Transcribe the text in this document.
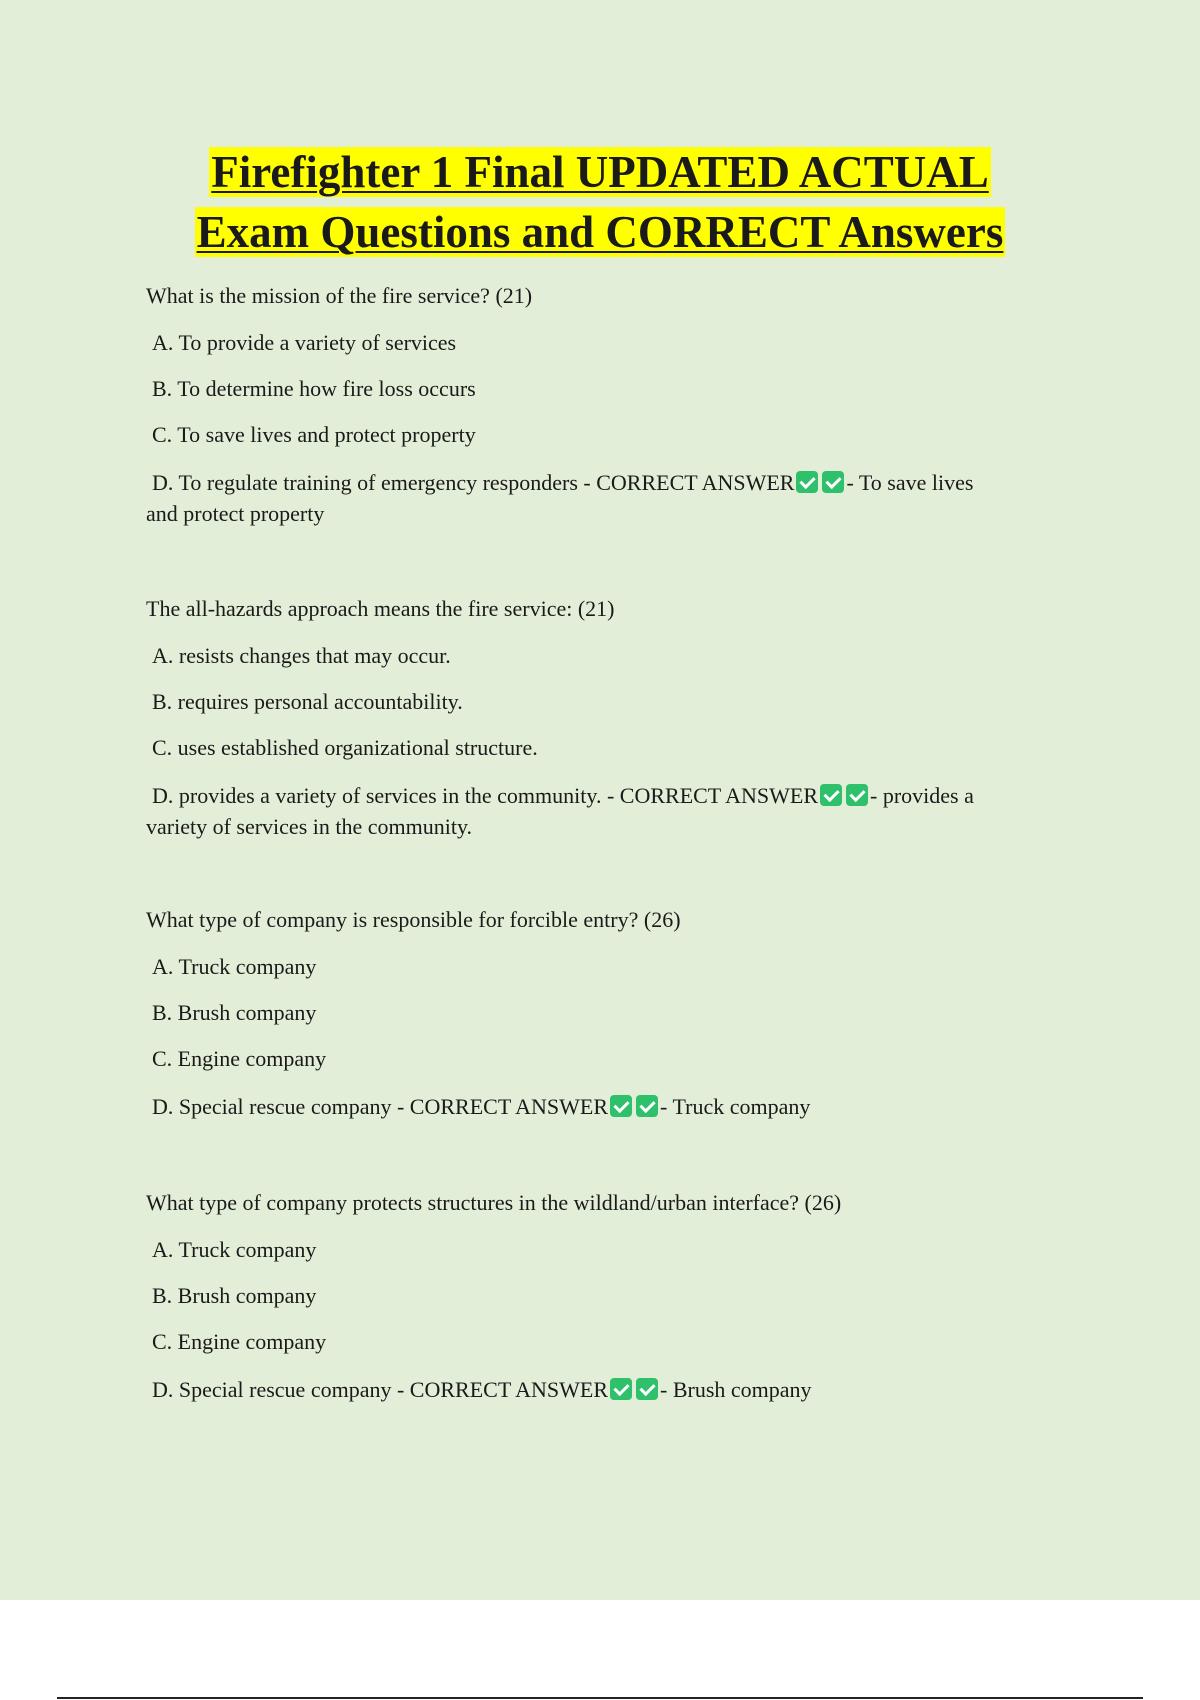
Firefighter 1 Final UPDATED ACTUAL
Exam Questions and CORRECT Answers
What is the mission of the fire service? (21)
A. To provide a variety of services
B. To determine how fire loss occurs
C. To save lives and protect property
D. To regulate training of emergency responders - CORRECT ANSWER - To save lives
and protect property
The all-hazards approach means the fire service: (21)
A. resists changes that may occur.
B. requires personal accountability.
C. uses established organizational structure.
D. provides a variety of services in the community. - CORRECT ANSWER - provides a
variety of services in the community.
What type of company is responsible for forcible entry? (26)
A. Truck company
B. Brush company
C. Engine company
D. Special rescue company - CORRECT ANSWER - Truck company
What type of company protects structures in the wildland/urban interface? (26)
A. Truck company
B. Brush company
C. Engine company
D. Special rescue company - CORRECT ANSWER - Brush company
